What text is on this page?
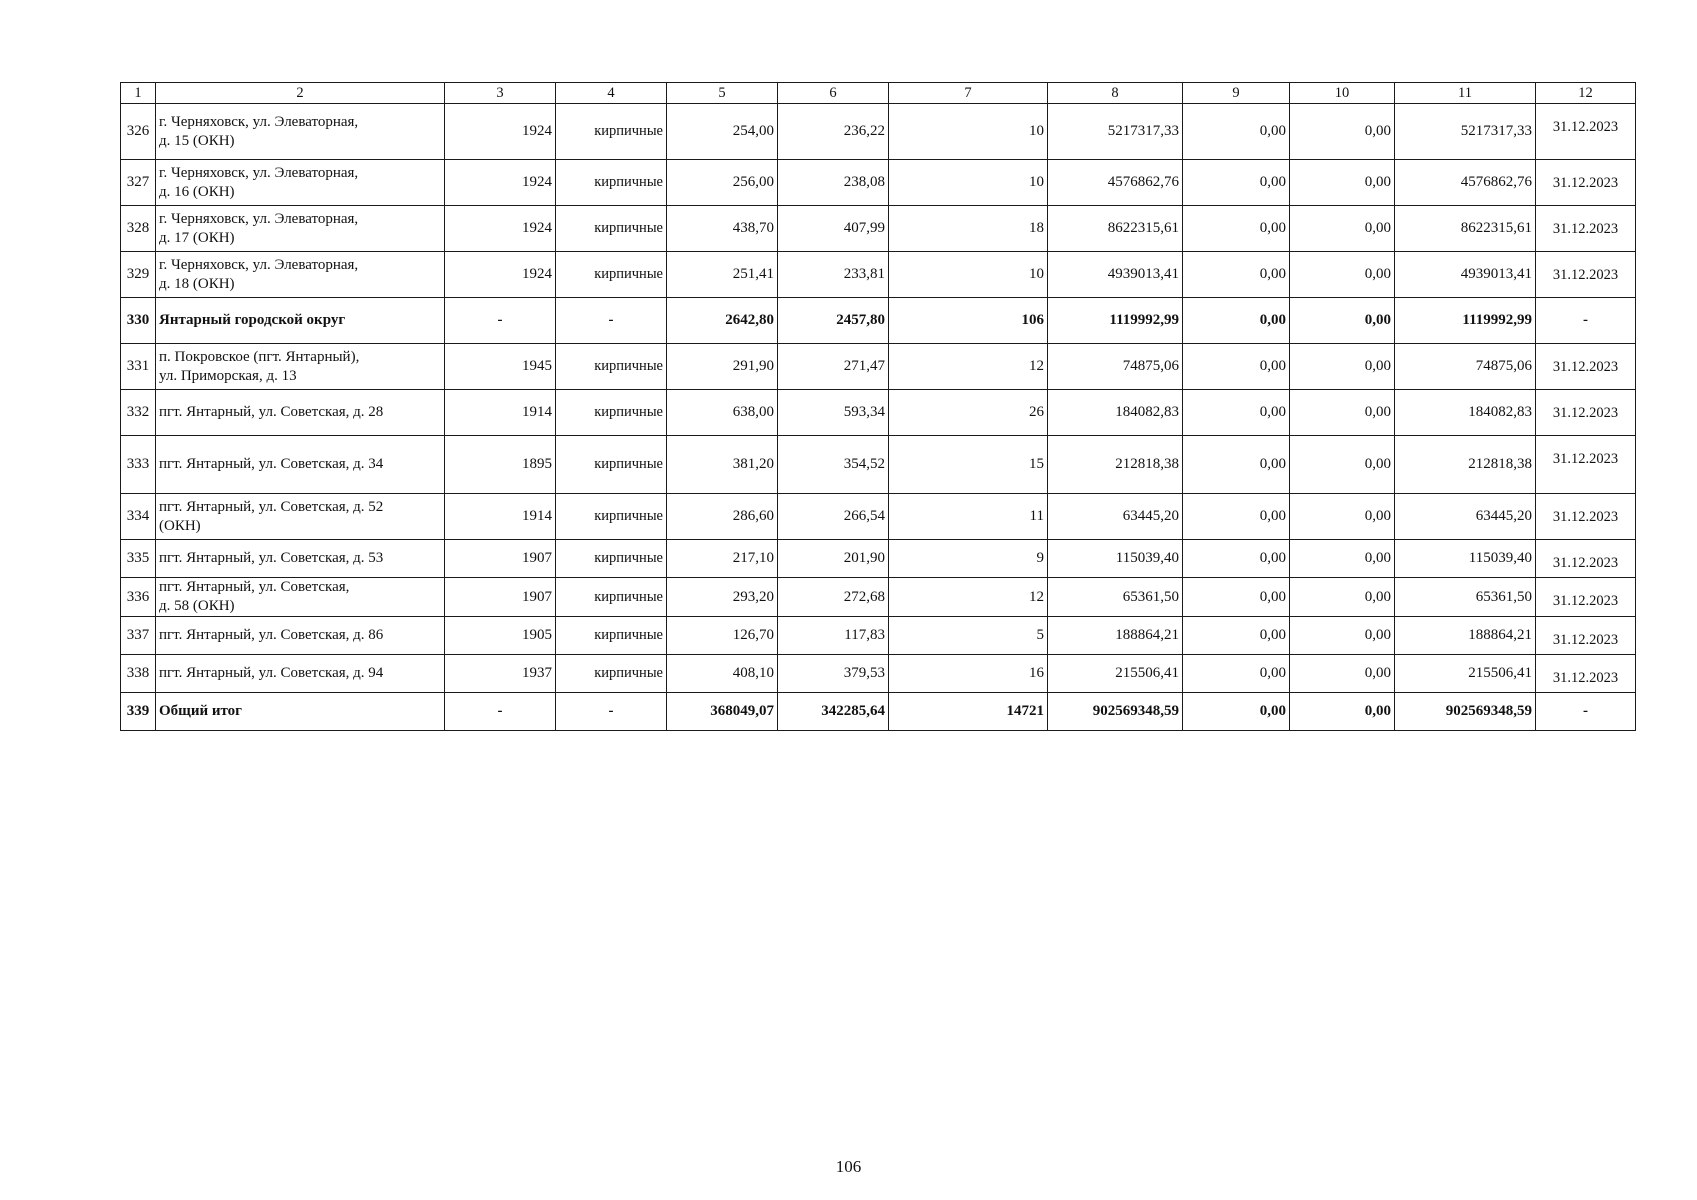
1	2	3	4	5	6	7	8	9	10	11	12
326	г. Черняховск, ул. Элеваторная,
д. 15 (ОКН)	1924	кирпичные	254,00	236,22	10	5217317,33	0,00	0,00	5217317,33	31.12.2023
327	г. Черняховск, ул. Элеваторная,
д. 16 (ОКН)	1924	кирпичные	256,00	238,08	10	4576862,76	0,00	0,00	4576862,76	31.12.2023
328	г. Черняховск, ул. Элеваторная,
д. 17 (ОКН)	1924	кирпичные	438,70	407,99	18	8622315,61	0,00	0,00	8622315,61	31.12.2023
329	г. Черняховск, ул. Элеваторная,
д. 18 (ОКН)	1924	кирпичные	251,41	233,81	10	4939013,41	0,00	0,00	4939013,41	31.12.2023
330	Янтарный городской округ	-	-	2642,80	2457,80	106	1119992,99	0,00	0,00	1119992,99	-
331	п. Покровское (пгт. Янтарный),
ул. Приморская, д. 13	1945	кирпичные	291,90	271,47	12	74875,06	0,00	0,00	74875,06	31.12.2023
332	пгт. Янтарный, ул. Советская, д. 28	1914	кирпичные	638,00	593,34	26	184082,83	0,00	0,00	184082,83	31.12.2023
333	пгт. Янтарный, ул. Советская, д. 34	1895	кирпичные	381,20	354,52	15	212818,38	0,00	0,00	212818,38	31.12.2023
334	пгт. Янтарный, ул. Советская, д. 52
(ОКН)	1914	кирпичные	286,60	266,54	11	63445,20	0,00	0,00	63445,20	31.12.2023
335	пгт. Янтарный, ул. Советская, д. 53	1907	кирпичные	217,10	201,90	9	115039,40	0,00	0,00	115039,40	31.12.2023
336	пгт. Янтарный, ул. Советская,
д. 58 (ОКН)	1907	кирпичные	293,20	272,68	12	65361,50	0,00	0,00	65361,50	31.12.2023
337	пгт. Янтарный, ул. Советская, д. 86	1905	кирпичные	126,70	117,83	5	188864,21	0,00	0,00	188864,21	31.12.2023
338	пгт. Янтарный, ул. Советская, д. 94	1937	кирпичные	408,10	379,53	16	215506,41	0,00	0,00	215506,41	31.12.2023
339	Общий итог	-	-	368049,07	342285,64	14721	902569348,59	0,00	0,00	902569348,59	-
106
